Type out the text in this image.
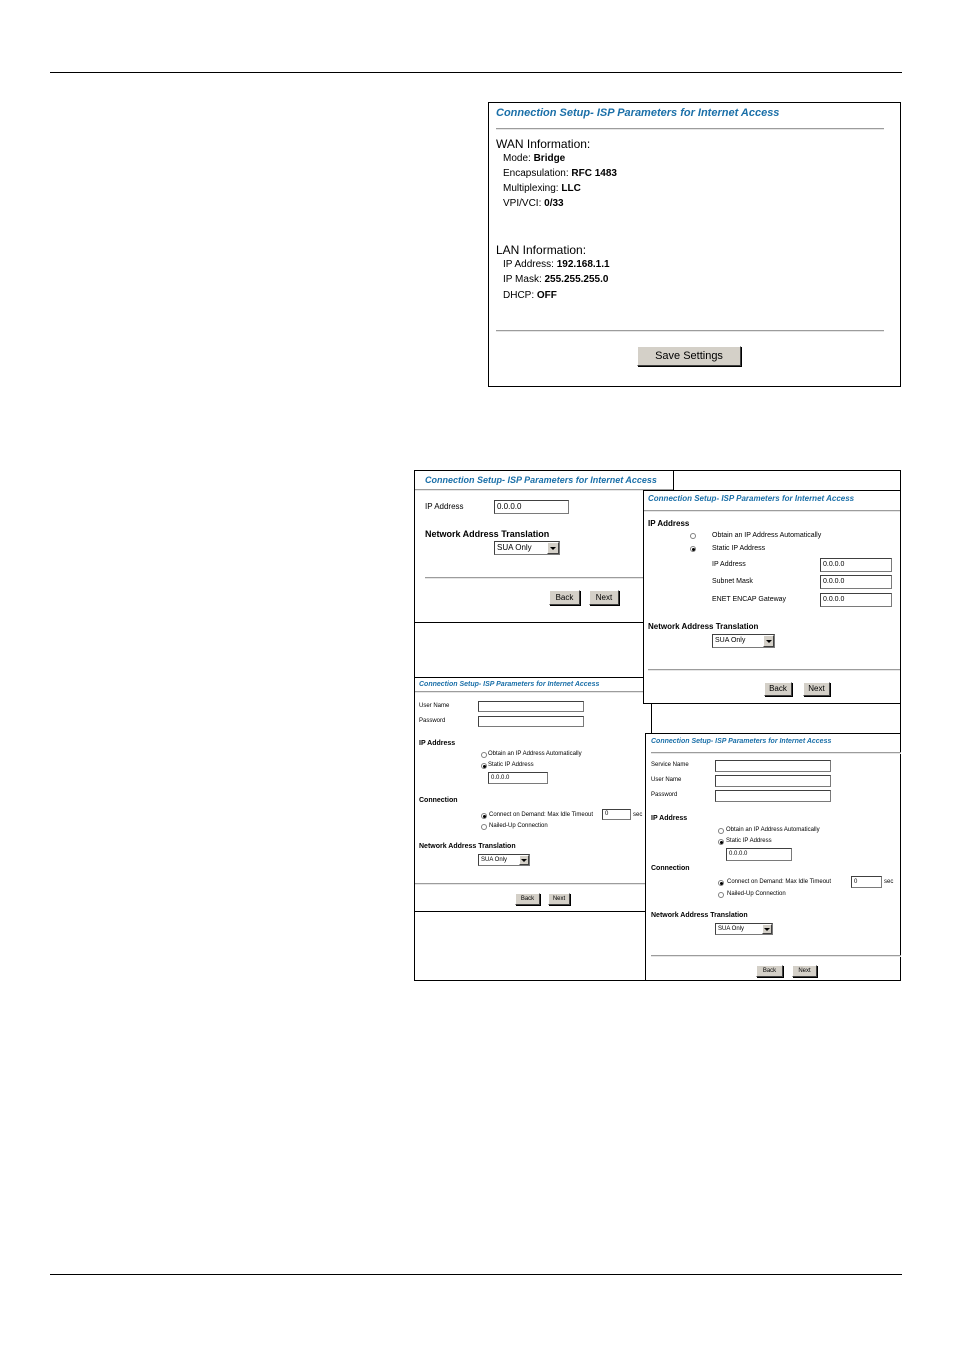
Connection Setup- ISP Parameters for Internet Access
WAN Information:
Mode: Bridge
Encapsulation: RFC 1483
Multiplexing: LLC
VPI/VCI: 0/33
LAN Information:
IP Address: 192.168.1.1
IP Mask: 255.255.255.0
DHCP: OFF
Save Settings
Connection Setup- ISP Parameters for Internet Access
IP Address	0.0.0.0
Network Address Translation
SUA Only
Back	Next
Connection Setup- ISP Parameters for Internet Access
User Name
Password
IP Address
Obtain an IP Address Automatically
Static IP Address
0.0.0.0
Connection
Connect on Demand: Max Idle Timeout	0	sec
Nailed-Up Connection
Network Address Translation
SUA Only
Back	Next
Connection Setup- ISP Parameters for Internet Access
IP Address
Obtain an IP Address Automatically
Static IP Address
IP Address	0.0.0.0
Subnet Mask	0.0.0.0
ENET ENCAP Gateway	0.0.0.0
Network Address Translation
SUA Only
Back	Next
Connection Setup- ISP Parameters for Internet Access
Service Name
User Name
Password
IP Address
Obtain an IP Address Automatically
Static IP Address
0.0.0.0
Connection
Connect on Demand: Max Idle Timeout	0	sec
Nailed-Up Connection
Network Address Translation
SUA Only
Back	Next
